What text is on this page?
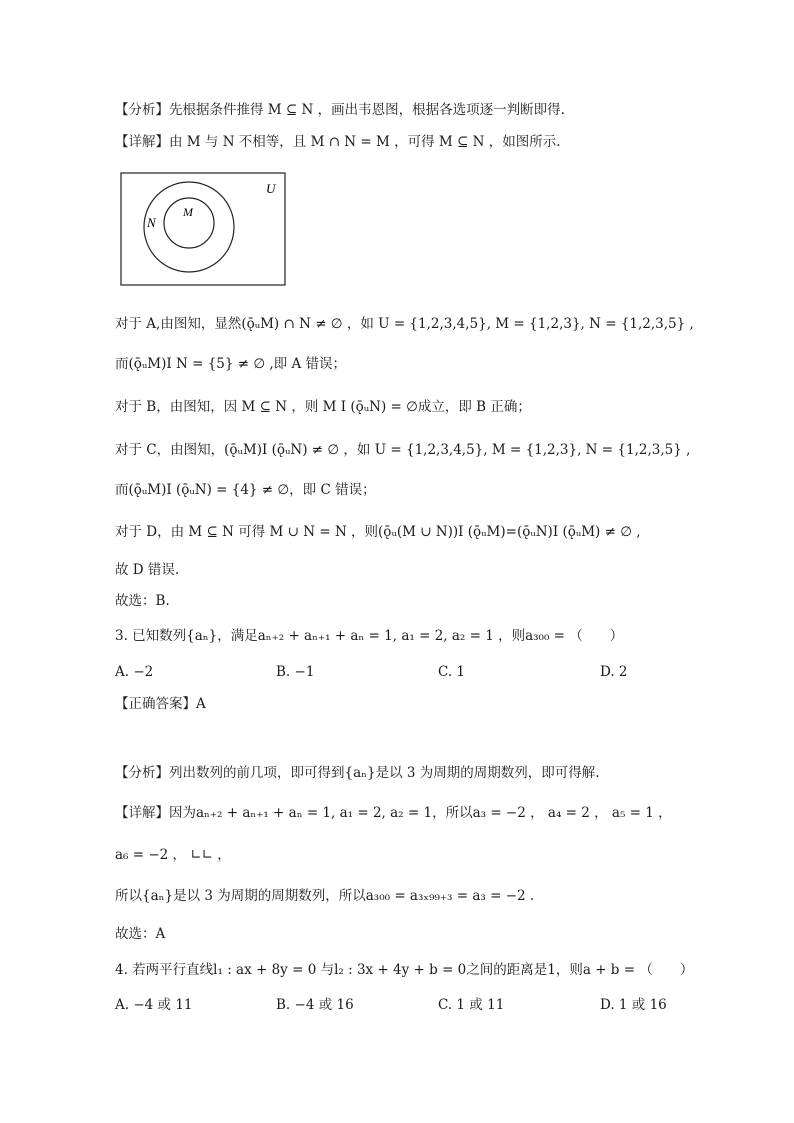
【分析】先根据条件推得 M ⊆ N ，画出韦恩图，根据各选项逐一判断即得.
【详解】由 M 与 N 不相等，且 M ∩ N = M ，可得 M ⊆ N ，如图所示.
U
N
M
对于 A,由图知，显然(ǭᵤM) ∩ N ≠ ∅ ，如 U = {1,2,3,4,5}, M = {1,2,3}, N = {1,2,3,5} ,
而(ǭᵤM)Ⅰ N = {5} ≠ ∅ ,即 A 错误；
对于 B，由图知，因 M ⊆ N ，则 M Ⅰ (ǭᵤN) = ∅成立，即 B 正确；
对于 C，由图知，(ǭᵤM)Ⅰ (ǭᵤN) ≠ ∅ ，如 U = {1,2,3,4,5}, M = {1,2,3}, N = {1,2,3,5} ,
而(ǭᵤM)Ⅰ (ǭᵤN) = {4} ≠ ∅，即 C 错误；
对于 D，由 M ⊆ N 可得 M ∪ N = N ，则(ǭᵤ(M ∪ N))Ⅰ (ǭᵤM)=(ǭᵤN)Ⅰ (ǭᵤM) ≠ ∅ ,
故 D 错误.
故选：B.
3. 已知数列{aₙ}，满足aₙ₊₂ + aₙ₊₁ + aₙ = 1, a₁ = 2, a₂ = 1 ，则a₃₀₀ = （　　）
A. −2	B. −1	C. 1	D. 2
【正确答案】A
【分析】列出数列的前几项，即可得到{aₙ}是以 3 为周期的周期数列，即可得解.
【详解】因为aₙ₊₂ + aₙ₊₁ + aₙ = 1, a₁ = 2, a₂ = 1，所以a₃ = −2 ， a₄ = 2 ， a₅ = 1 ，
a₆ = −2 ， ∟∟ ，
所以{aₙ}是以 3 为周期的周期数列，所以a₃₀₀ = a₃ₓ₉₉₊₃ = a₃ = −2 .
故选：A
4. 若两平行直线l₁ : ax + 8y = 0 与l₂ : 3x + 4y + b = 0之间的距离是1，则a + b = （　　）
A. −4 或 11	B. −4 或 16	C. 1 或 11	D. 1 或 16
